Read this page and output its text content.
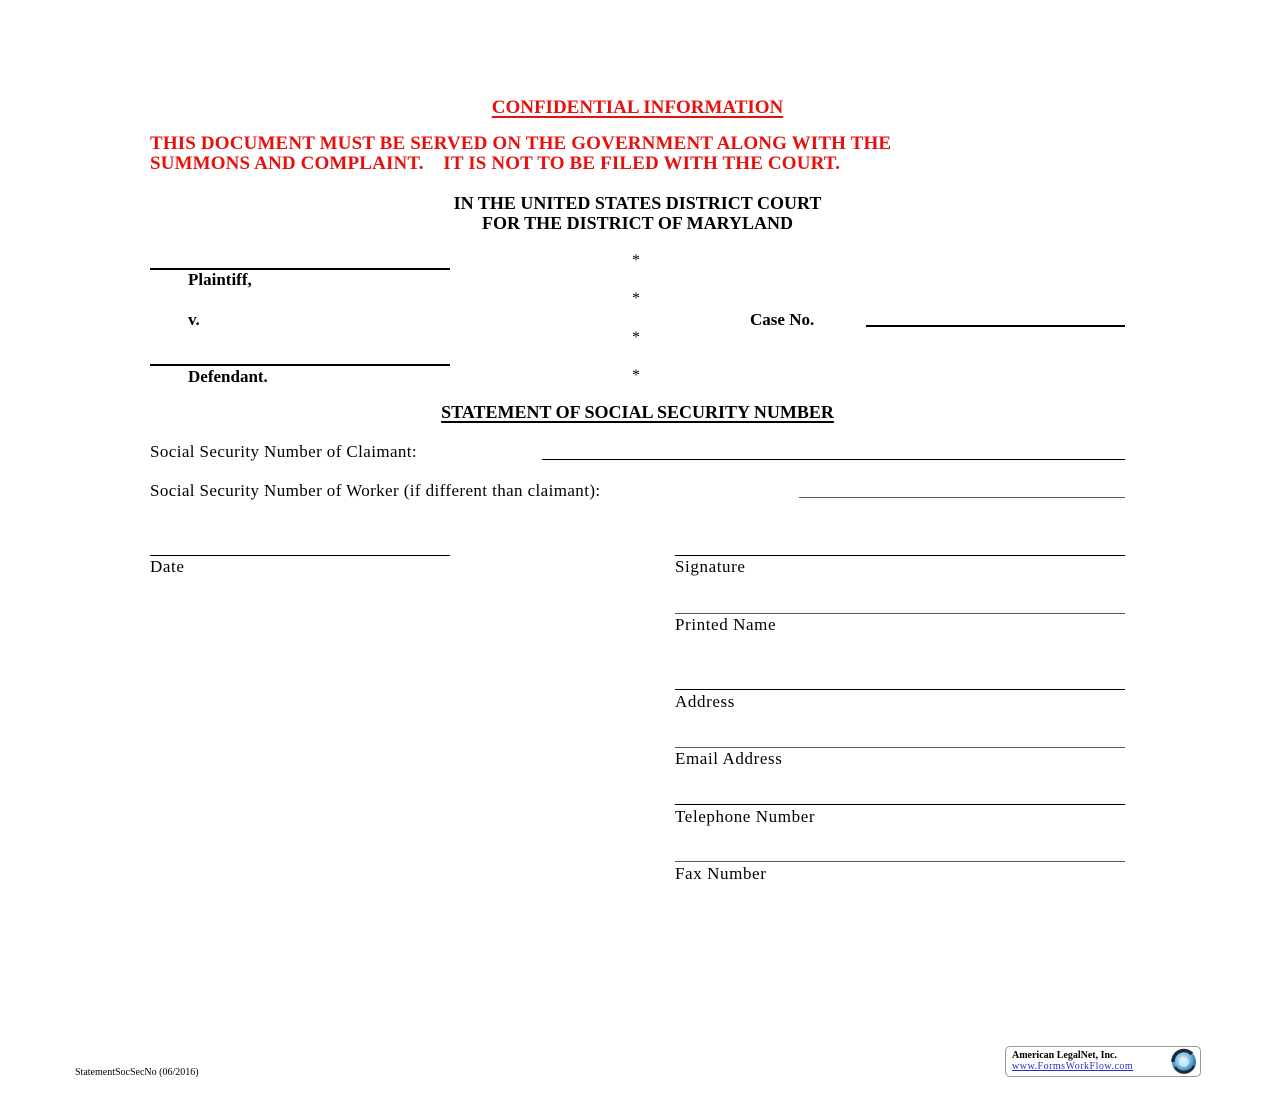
CONFIDENTIAL INFORMATION
THIS DOCUMENT MUST BE SERVED ON THE GOVERNMENT ALONG WITH THE
SUMMONS AND COMPLAINT.    IT IS NOT TO BE FILED WITH THE COURT.
IN THE UNITED STATES DISTRICT COURT
FOR THE DISTRICT OF MARYLAND
Plaintiff,
v.
Defendant.
*
*
*
*
Case No.
STATEMENT OF SOCIAL SECURITY NUMBER
Social Security Number of Claimant:
Social Security Number of Worker (if different than claimant):
Date	Signature
Printed Name
Address
Email Address
Telephone Number
Fax Number
StatementSocSecNo (06/2016)
American LegalNet, Inc.
www.FormsWorkFlow.com
